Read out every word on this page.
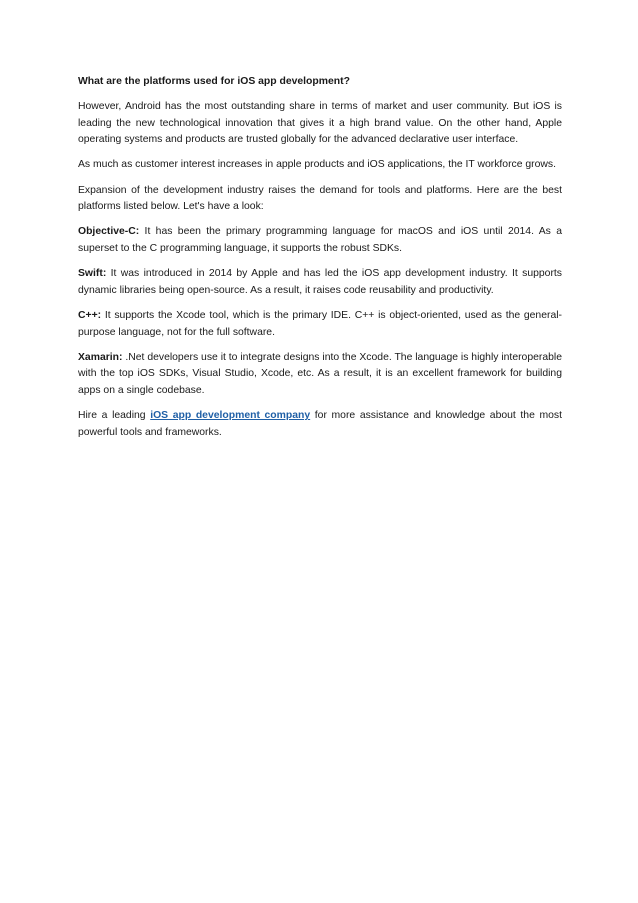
What are the platforms used for iOS app development?

However, Android has the most outstanding share in terms of market and user community. But iOS is leading the new technological innovation that gives it a high brand value. On the other hand, Apple operating systems and products are trusted globally for the advanced declarative user interface.

As much as customer interest increases in apple products and iOS applications, the IT workforce grows.

Expansion of the development industry raises the demand for tools and platforms. Here are the best platforms listed below. Let's have a look:

Objective-C: It has been the primary programming language for macOS and iOS until 2014. As a superset to the C programming language, it supports the robust SDKs.

Swift: It was introduced in 2014 by Apple and has led the iOS app development industry. It supports dynamic libraries being open-source. As a result, it raises code reusability and productivity.

C++: It supports the Xcode tool, which is the primary IDE. C++ is object-oriented, used as the general-purpose language, not for the full software.

Xamarin: .Net developers use it to integrate designs into the Xcode. The language is highly interoperable with the top iOS SDKs, Visual Studio, Xcode, etc. As a result, it is an excellent framework for building apps on a single codebase.

Hire a leading iOS app development company for more assistance and knowledge about the most powerful tools and frameworks.
